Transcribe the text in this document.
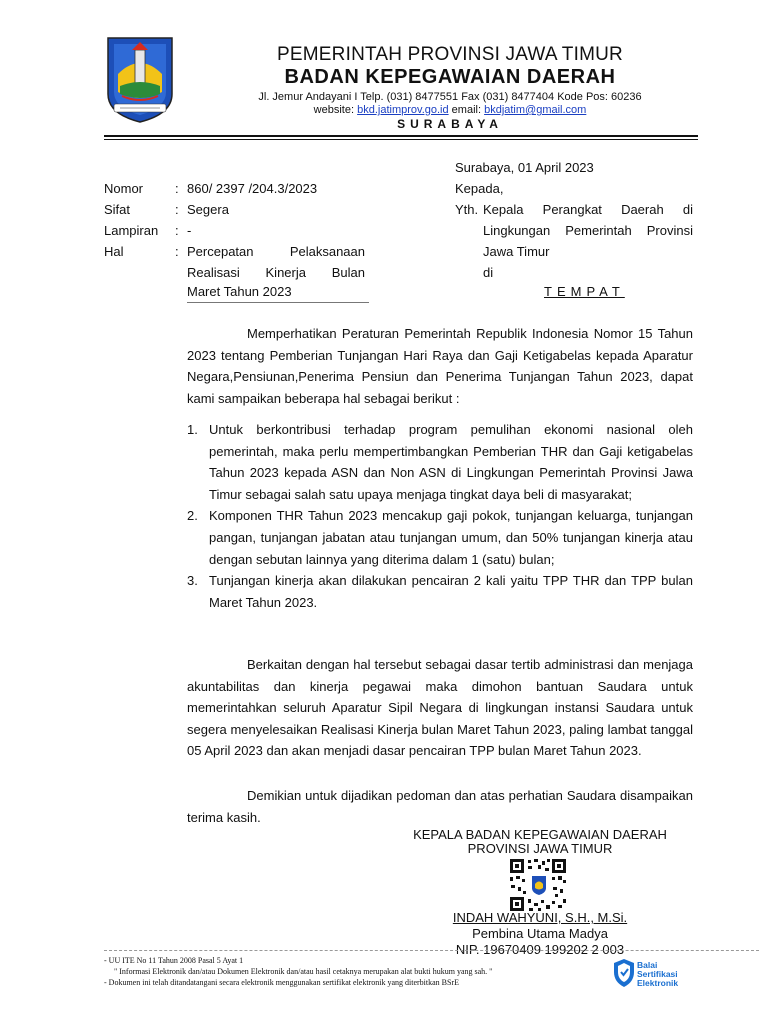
PEMERINTAH PROVINSI JAWA TIMUR
BADAN KEPEGAWAIAN DAERAH
Jl. Jemur Andayani I Telp. (031) 8477551 Fax (031) 8477404 Kode Pos: 60236
website: bkd.jatimprov.go.id email: bkdjatim@gmail.com
SURABAYA
Nomor : 860/ 2397 /204.3/2023
Sifat	: Segera
Lampiran : -
Hal	: Percepatan Pelaksanaan
Realisasi Kinerja Bulan
Maret Tahun 2023
Surabaya, 01 April 2023
Kepada,
Yth. Kepala Perangkat Daerah di
Lingkungan Pemerintah Provinsi
Jawa Timur
di
TEMPAT

Memperhatikan Peraturan Pemerintah Republik Indonesia Nomor 15 Tahun 2023 tentang Pemberian Tunjangan Hari Raya dan Gaji Ketigabelas kepada Aparatur Negara,Pensiunan,Penerima Pensiun dan Penerima Tunjangan Tahun 2023, dapat kami sampaikan beberapa hal sebagai berikut :

1. Untuk berkontribusi terhadap program pemulihan ekonomi nasional oleh pemerintah, maka perlu mempertimbangkan Pemberian THR dan Gaji ketigabelas Tahun 2023 kepada ASN dan Non ASN di Lingkungan Pemerintah Provinsi Jawa Timur sebagai salah satu upaya menjaga tingkat daya beli di masyarakat;
2. Komponen THR Tahun 2023 mencakup gaji pokok, tunjangan keluarga, tunjangan pangan, tunjangan jabatan atau tunjangan umum, dan 50% tunjangan kinerja atau dengan sebutan lainnya yang diterima dalam 1 (satu) bulan;
3. Tunjangan kinerja akan dilakukan pencairan 2 kali yaitu TPP THR dan TPP bulan Maret Tahun 2023.

Berkaitan dengan hal tersebut sebagai dasar tertib administrasi dan menjaga akuntabilitas dan kinerja pegawai maka dimohon bantuan Saudara untuk memerintahkan seluruh Aparatur Sipil Negara di lingkungan instansi Saudara untuk segera menyelesaikan Realisasi Kinerja bulan Maret Tahun 2023, paling lambat tanggal 05 April 2023 dan akan menjadi dasar pencairan TPP bulan Maret Tahun 2023.

Demikian untuk dijadikan pedoman dan atas perhatian Saudara disampaikan terima kasih.

KEPALA BADAN KEPEGAWAIAN DAERAH
PROVINSI JAWA TIMUR
INDAH WAHYUNI, S.H., M.Si.
Pembina Utama Madya
NIP. 19670409 199202 2 003
- UU ITE No 11 Tahun 2008 Pasal 5 Ayat 1
" Informasi Elektronik dan/atau Dokumen Elektronik dan/atau hasil cetaknya merupakan alat bukti hukum yang sah. "
- Dokumen ini telah ditandatangani secara elektronik menggunakan sertifikat elektronik yang diterbitkan BSrE
Balai
Sertifikasi
Elektronik
